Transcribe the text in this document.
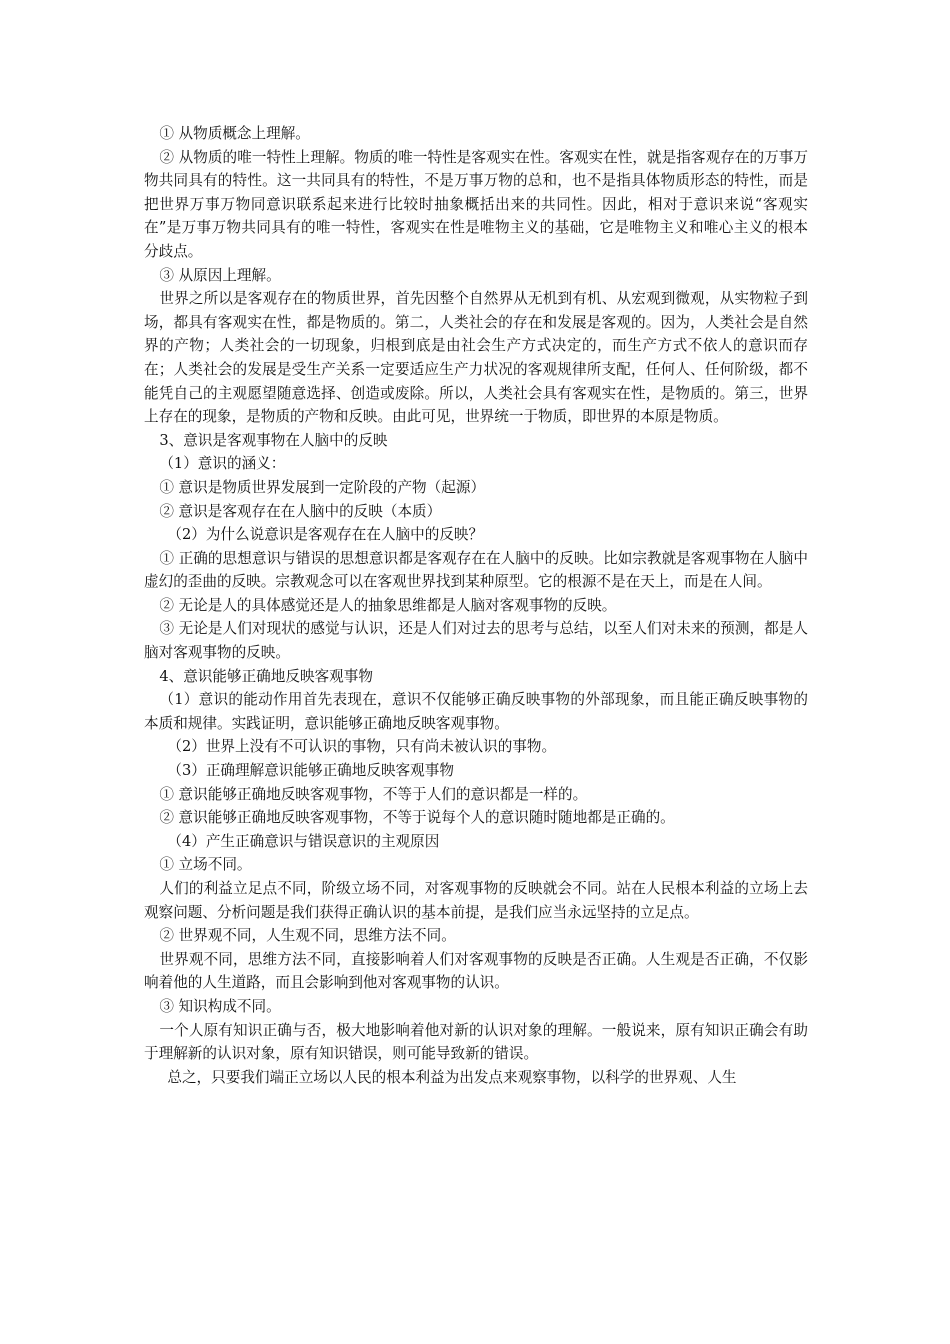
① 从物质概念上理解。

② 从物质的唯一特性上理解。物质的唯一特性是客观实在性。客观实在性，就是指客观存在的万事万物共同具有的特性。这一共同具有的特性，不是万事万物的总和，也不是指具体物质形态的特性，而是把世界万事万物同意识联系起来进行比较时抽象概括出来的共同性。因此，相对于意识来说“客观实在”是万事万物共同具有的唯一特性，客观实在性是唯物主义的基础，它是唯物主义和唯心主义的根本分歧点。

③ 从原因上理解。

世界之所以是客观存在的物质世界，首先因整个自然界从无机到有机、从宏观到微观，从实物粒子到场，都具有客观实在性，都是物质的。第二，人类社会的存在和发展是客观的。因为，人类社会是自然界的产物；人类社会的一切现象，归根到底是由社会生产方式决定的，而生产方式不依人的意识而存在；人类社会的发展是受生产关系一定要适应生产力状况的客观规律所支配，任何人、任何阶级，都不能凭自己的主观愿望随意选择、创造或废除。所以，人类社会具有客观实在性，是物质的。第三，世界上存在的现象，是物质的产物和反映。由此可见，世界统一于物质，即世界的本原是物质。

3、意识是客观事物在人脑中的反映

（1）意识的涵义：

① 意识是物质世界发展到一定阶段的产物（起源）

② 意识是客观存在在人脑中的反映（本质）

（2）为什么说意识是客观存在在人脑中的反映？

① 正确的思想意识与错误的思想意识都是客观存在在人脑中的反映。比如宗教就是客观事物在人脑中虚幻的歪曲的反映。宗教观念可以在客观世界找到某种原型。它的根源不是在天上，而是在人间。

② 无论是人的具体感觉还是人的抽象思维都是人脑对客观事物的反映。

③ 无论是人们对现状的感觉与认识，还是人们对过去的思考与总结，以至人们对未来的预测，都是人脑对客观事物的反映。

4、意识能够正确地反映客观事物

（1）意识的能动作用首先表现在，意识不仅能够正确反映事物的外部现象，而且能正确反映事物的本质和规律。实践证明，意识能够正确地反映客观事物。

（2）世界上没有不可认识的事物，只有尚未被认识的事物。

（3）正确理解意识能够正确地反映客观事物

① 意识能够正确地反映客观事物，不等于人们的意识都是一样的。

② 意识能够正确地反映客观事物，不等于说每个人的意识随时随地都是正确的。

（4）产生正确意识与错误意识的主观原因

① 立场不同。

人们的利益立足点不同，阶级立场不同，对客观事物的反映就会不同。站在人民根本利益的立场上去观察问题、分析问题是我们获得正确认识的基本前提，是我们应当永远坚持的立足点。

② 世界观不同，人生观不同，思维方法不同。

世界观不同，思维方法不同，直接影响着人们对客观事物的反映是否正确。人生观是否正确，不仅影响着他的人生道路，而且会影响到他对客观事物的认识。

③ 知识构成不同。

一个人原有知识正确与否，极大地影响着他对新的认识对象的理解。一般说来，原有知识正确会有助于理解新的认识对象，原有知识错误，则可能导致新的错误。

总之，只要我们端正立场以人民的根本利益为出发点来观察事物，以科学的世界观、人生
